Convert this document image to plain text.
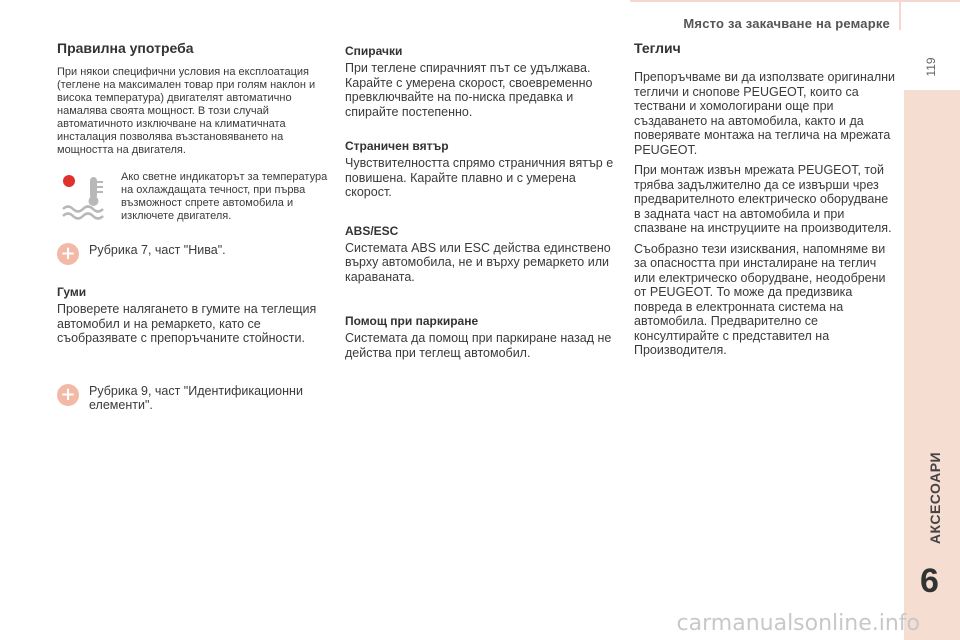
Място за закачване на ремарке
119
АКСЕСОАРИ
6
Правилна употреба

При някои специфични условия на експлоатация (теглене на максимален товар при голям наклон и висока температура) двигателят автоматично намалява своята мощност. В този случай автоматичното изключване на климатичната инсталация позволява възстановяването на мощността на двигателя.

Ако светне индикаторът за температура на охлаждащата течност, при първа възможност спрете автомобила и изключете двигателя.

+ Рубрика 7, част "Нива".

Гуми

Проверете налягането в гумите на теглещия автомобил и на ремаркето, като се съобразявате с препоръчаните стойности.

+ Рубрика 9, част "Идентификационни елементи".

Спирачки

При теглене спирачният път се удължава. Карайте с умерена скорост, своевременно превключвайте на по-ниска предавка и спирайте постепенно.

Страничен вятър

Чувствителността спрямо страничния вятър е повишена. Карайте плавно и с умерена скорост.

ABS/ESC

Системата ABS или ESC действа единствено върху автомобила, не и върху ремаркето или каравaната.

Помощ при паркиране

Системата да помощ при паркиране назад не действа при теглещ автомобил.

Теглич

Препоръчваме ви да използвате оригинални тегличи и снопове PEUGEOT, които са тествани и хомологирани още при създаването на автомобила, както и да поверявате монтажа на теглича на мрежата PEUGEOT.

При монтаж извън мрежата PEUGEOT, той трябва задължително да се извърши чрез предварителното електрическо оборудване в задната част на автомобила и при спазване на инструциите на производителя.

Съобразно тези изисквания, напомняме ви за опасността при инсталиране на теглич или електрическо оборудване, неодобрени от PEUGEOT. То може да предизвика повреда в електронната система на автомобила. Предварително се консултирайте с представител на Производителя.

carmanualsonline.info
